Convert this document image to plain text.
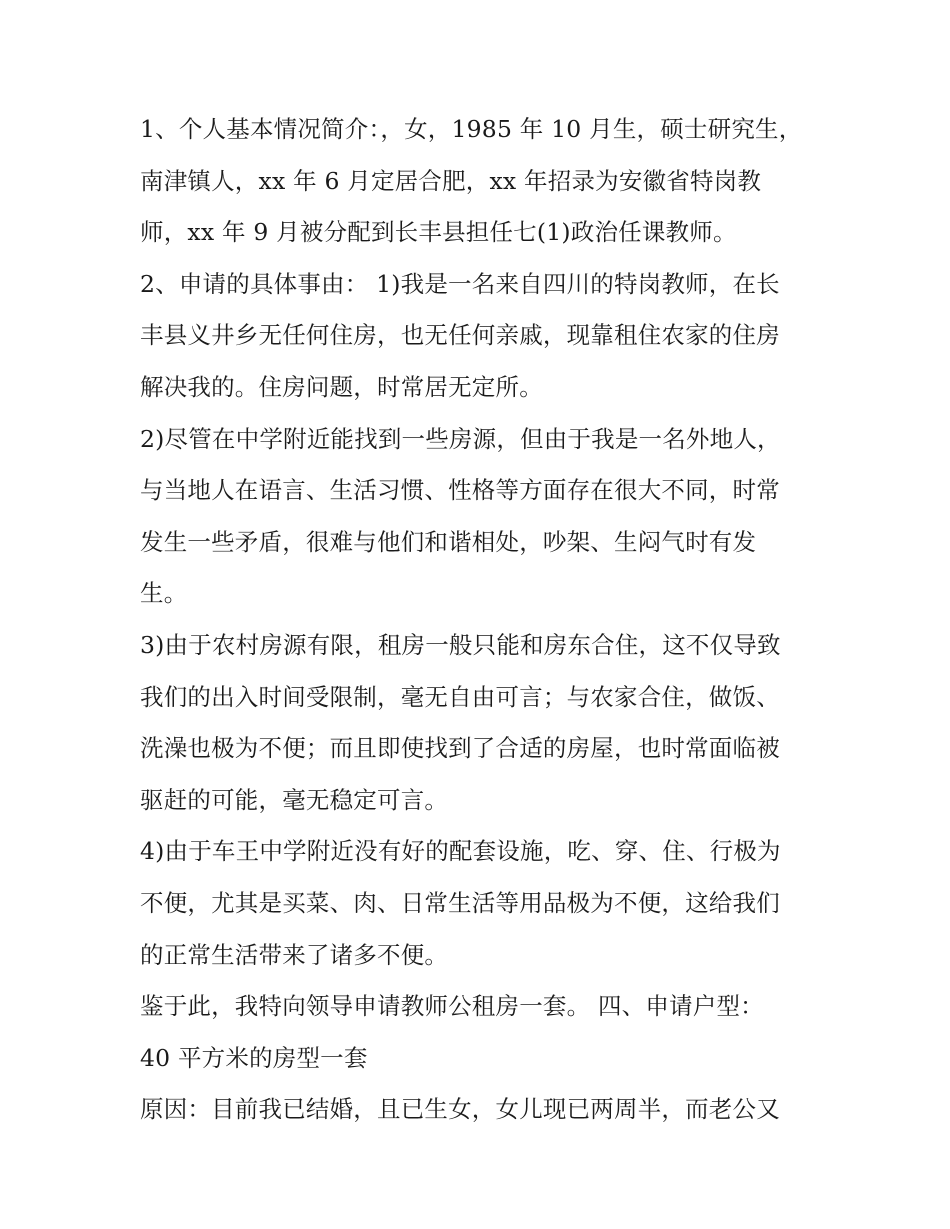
1、个人基本情况简介：，女，1985 年 10 月生，硕士研究生，
南津镇人，xx 年 6 月定居合肥，xx 年招录为安徽省特岗教
师，xx 年 9 月被分配到长丰县担任七(1)政治任课教师。
2、申请的具体事由： 1)我是一名来自四川的特岗教师，在长
丰县义井乡无任何住房，也无任何亲戚，现靠租住农家的住房
解决我的。住房问题，时常居无定所。
2)尽管在中学附近能找到一些房源，但由于我是一名外地人，
与当地人在语言、生活习惯、性格等方面存在很大不同，时常
发生一些矛盾，很难与他们和谐相处，吵架、生闷气时有发
生。
3)由于农村房源有限，租房一般只能和房东合住，这不仅导致
我们的出入时间受限制，毫无自由可言；与农家合住，做饭、
洗澡也极为不便；而且即使找到了合适的房屋，也时常面临被
驱赶的可能，毫无稳定可言。
4)由于车王中学附近没有好的配套设施，吃、穿、住、行极为
不便，尤其是买菜、肉、日常生活等用品极为不便，这给我们
的正常生活带来了诸多不便。
鉴于此，我特向领导申请教师公租房一套。 四、申请户型：
40 平方米的房型一套
原因：目前我已结婚，且已生女，女儿现已两周半，而老公又
